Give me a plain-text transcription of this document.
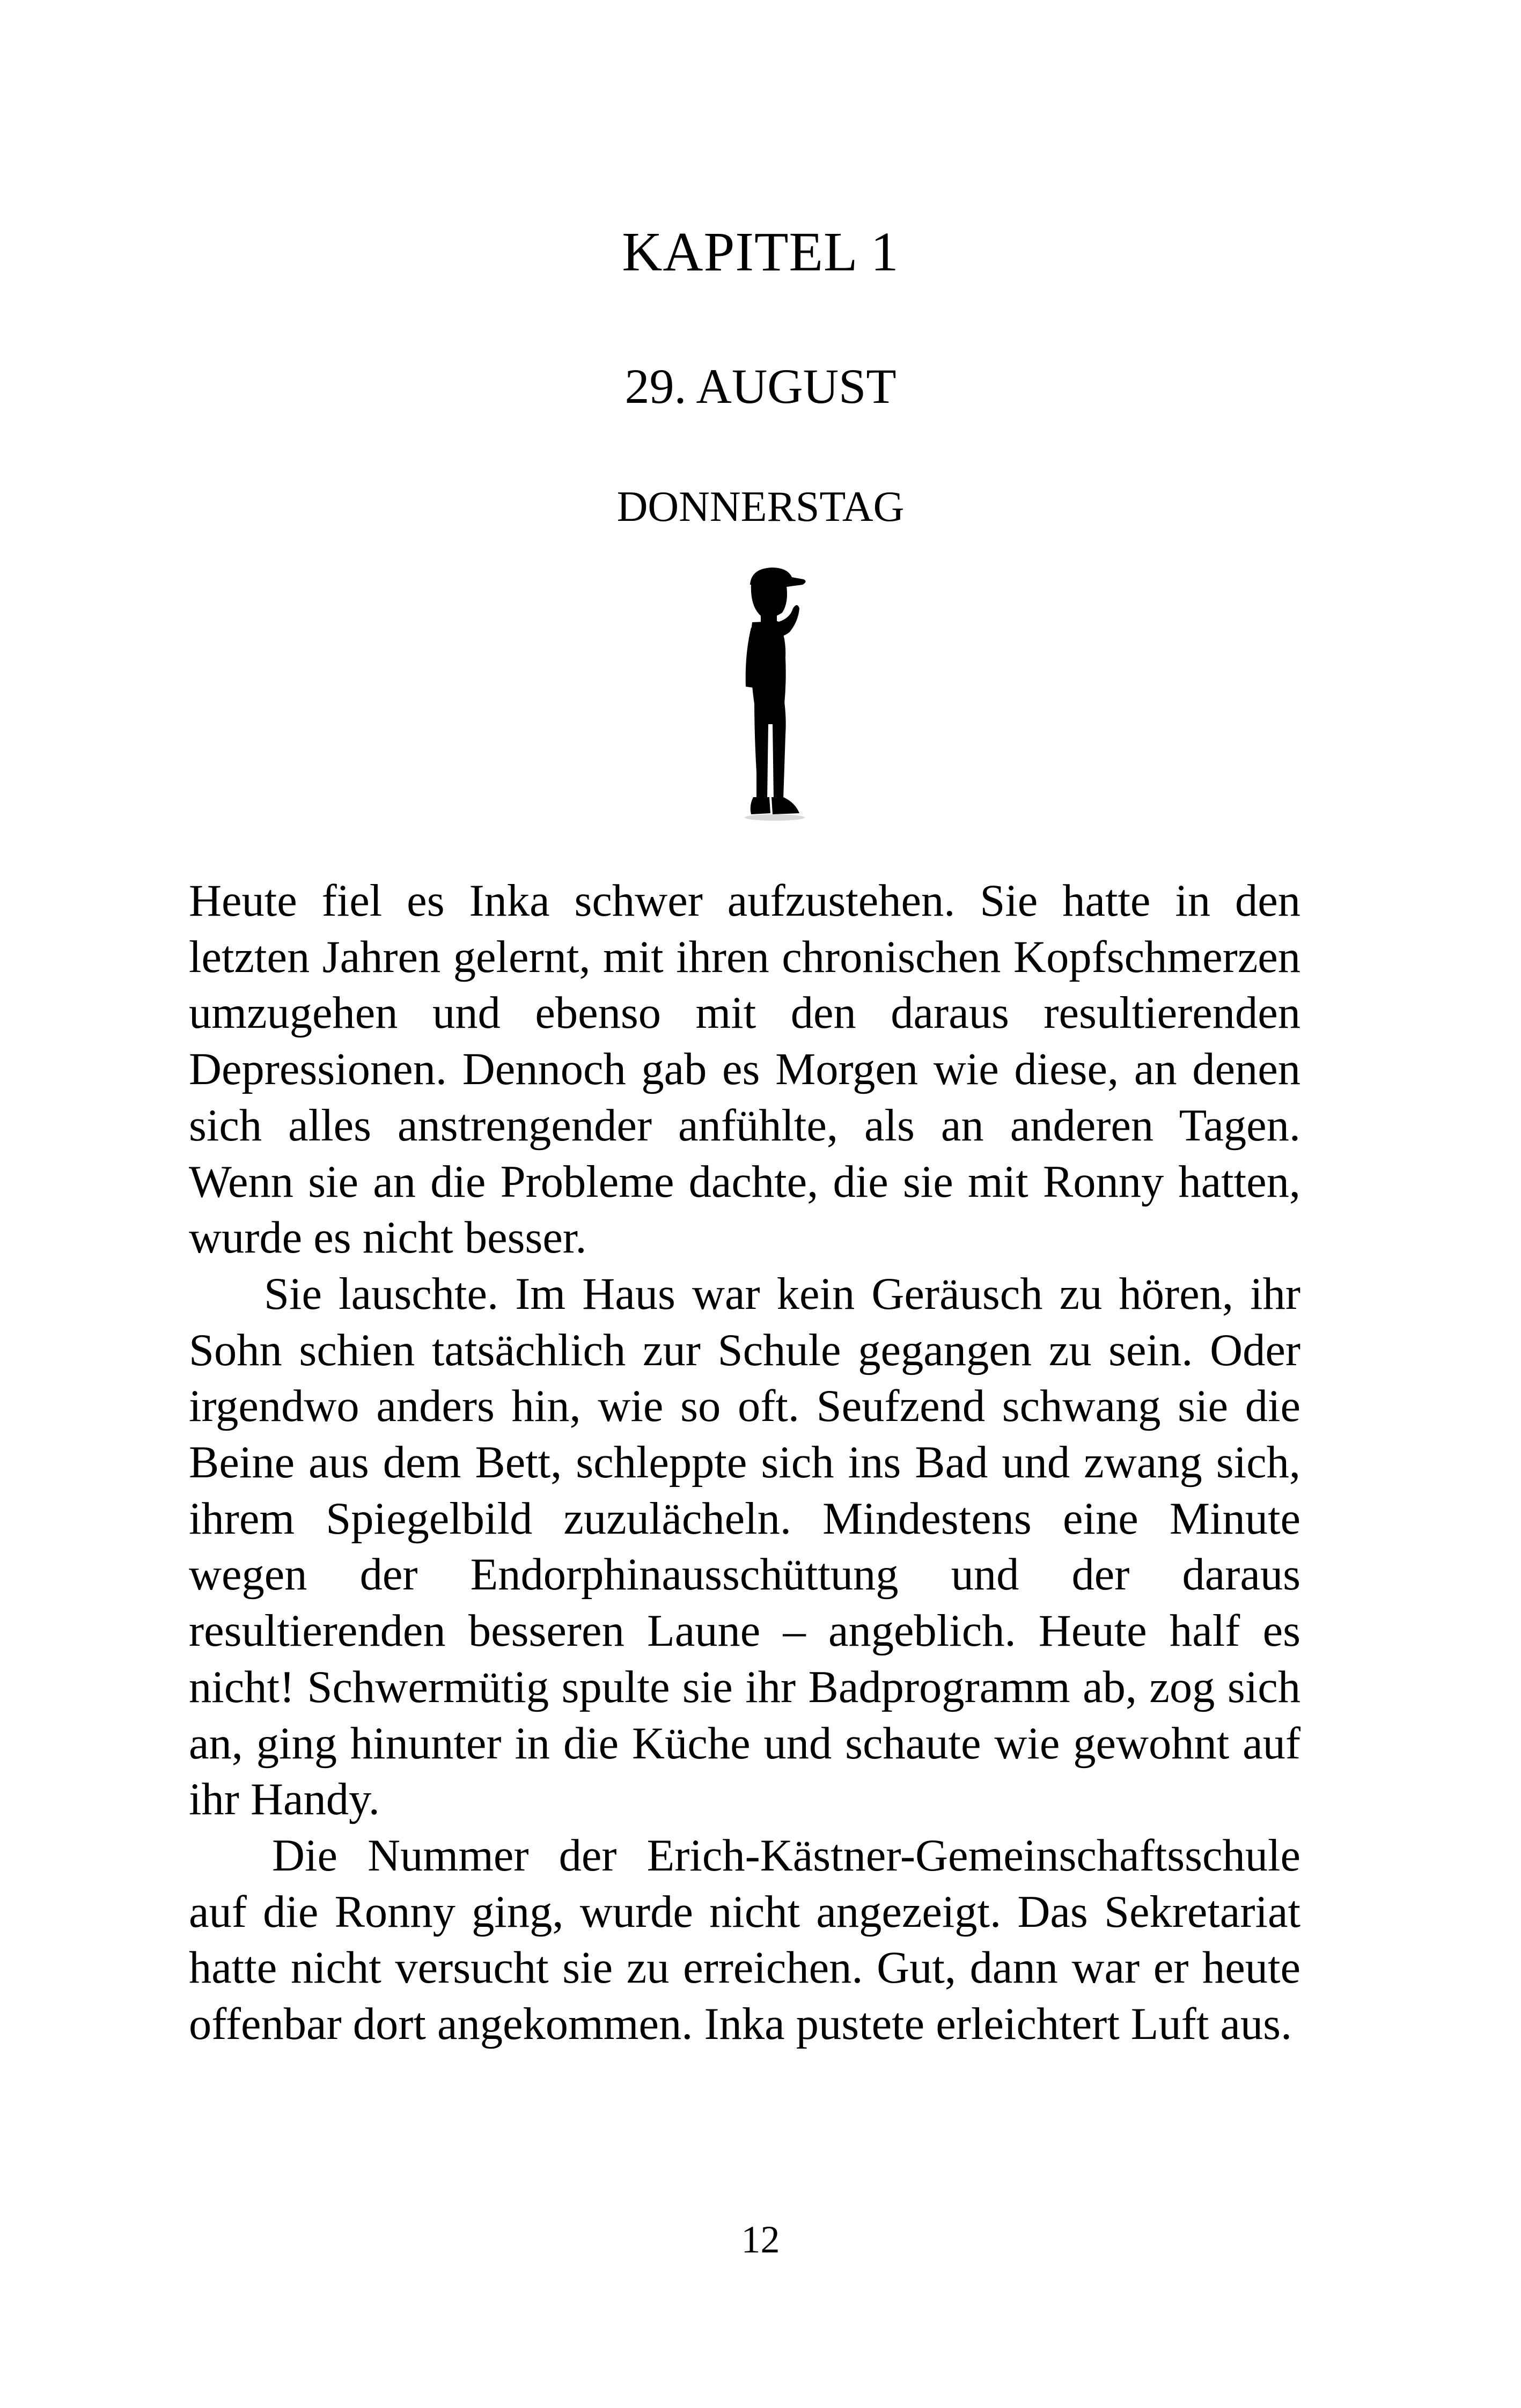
KAPITEL 1
29. AUGUST
DONNERSTAG

Heute fiel es Inka schwer aufzustehen. Sie hatte in den letzten Jahren gelernt, mit ihren chronischen Kopfschmerzen umzugehen und ebenso mit den daraus resultierenden Depressionen. Dennoch gab es Morgen wie diese, an denen sich alles anstrengender anfühlte, als an anderen Tagen. Wenn sie an die Probleme dachte, die sie mit Ronny hatten, wurde es nicht besser.

Sie lauschte. Im Haus war kein Geräusch zu hören, ihr Sohn schien tatsächlich zur Schule gegangen zu sein. Oder irgendwo anders hin, wie so oft. Seufzend schwang sie die Beine aus dem Bett, schleppte sich ins Bad und zwang sich, ihrem Spiegelbild zuzulächeln. Mindestens eine Minute wegen der Endorphinausschüttung und der daraus resultierenden besseren Laune – angeblich. Heute half es nicht! Schwermütig spulte sie ihr Badprogramm ab, zog sich an, ging hinunter in die Küche und schaute wie gewohnt auf ihr Handy.

Die Nummer der Erich-Kästner-Gemeinschaftsschule auf die Ronny ging, wurde nicht angezeigt. Das Sekretariat hatte nicht versucht sie zu erreichen. Gut, dann war er heute offenbar dort angekommen. Inka pustete erleichtert Luft aus.

12
